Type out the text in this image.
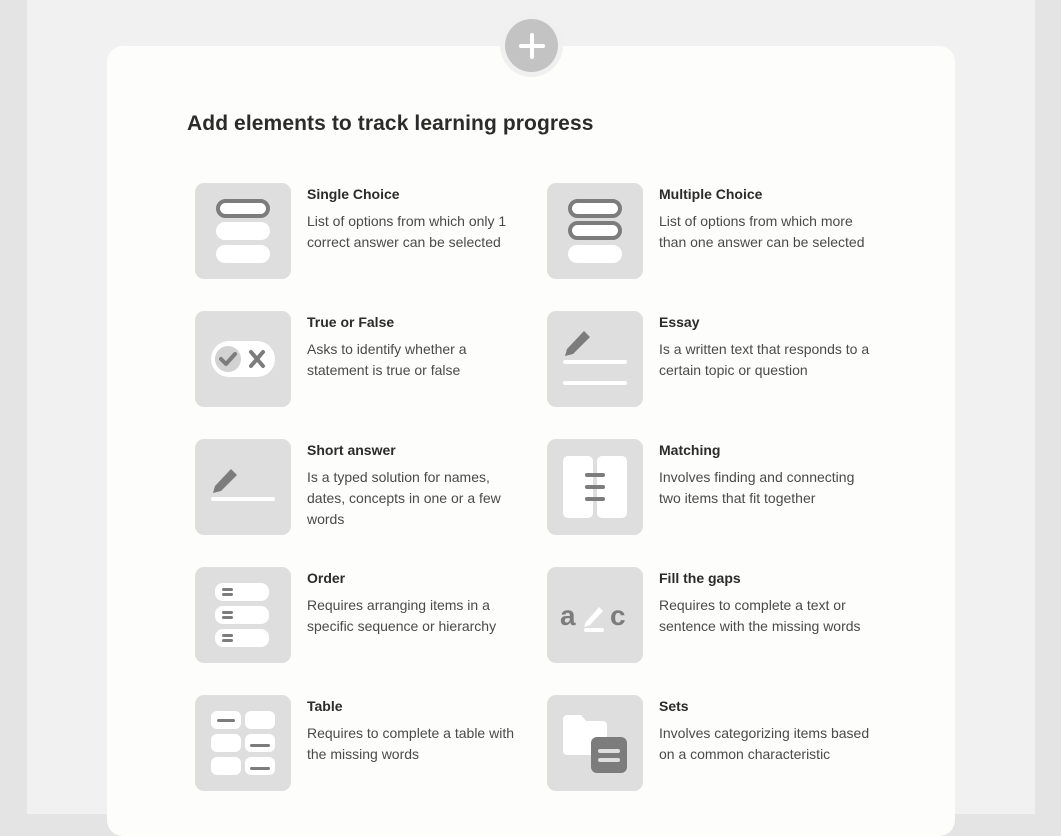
Add elements to track learning progress
Single Choice
List of options from which only 1 correct answer can be selected
Multiple Choice
List of options from which more than one answer can be selected
True or False
Asks to identify whether a statement is true or false
Essay
Is a written text that responds to a certain topic or question
Short answer
Is a typed solution for names, dates, concepts in one or a few words
Matching
Involves finding and connecting two items that fit together
Order
Requires arranging items in a specific sequence or hierarchy	a c
Fill the gaps
Requires to complete a text or sentence with the missing words
Table
Requires to complete a table with the missing words
Sets
Involves categorizing items based on a common characteristic
